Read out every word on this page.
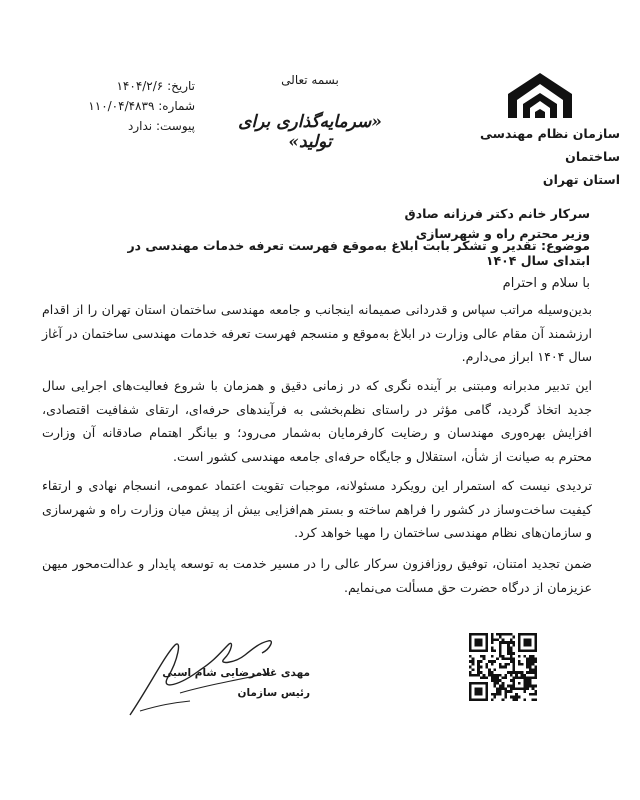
سازمان نظام مهندسی ساختمان
استان تهران
بسمه تعالی
«سرمایه‌گذاری برای تولید»
تاریخ:

۱۴۰۴/۲/۶
شماره:

۱۱۰/۰۴/۴۸۳۹
پیوست:

ندارد
سرکار خانم دکتر فرزانه صادق
وزیر محترم راه و شهرسازی
موضوع: تقدیر و تشکر بابت ابلاغ به‌موقع فهرست تعرفه خدمات مهندسی در ابتدای سال ۱۴۰۴
با سلام و احترام
بدین‌وسیله مراتب سپاس و قدردانی صمیمانه اینجانب و جامعه مهندسی ساختمان استان تهران را از اقدام ارزشمند آن مقام عالی وزارت در ابلاغ به‌موقع و منسجم فهرست تعرفه خدمات مهندسی ساختمان در آغاز سال ۱۴۰۴ ابراز می‌دارم.
این تدبیر مدبرانه ومبتنی بر آینده نگری که در زمانی دقیق و همزمان با شروع فعالیت‌های اجرایی سال جدید اتخاذ گردید، گامی مؤثر در راستای نظم‌بخشی به فرآیندهای حرفه‌ای، ارتقای شفافیت اقتصادی، افزایش بهره‌وری مهندسان و رضایت کارفرمایان به‌شمار می‌رود؛ و بیانگر اهتمام صادقانه آن وزارت محترم به صیانت از شأن، استقلال و جایگاه حرفه‌ای جامعه مهندسی کشور است.
تردیدی نیست که استمرار این رویکرد مسئولانه، موجبات تقویت اعتماد عمومی، انسجام نهادی و ارتقاء کیفیت ساخت‌وساز در کشور را فراهم ساخته و بستر هم‌افزایی بیش از پیش میان وزارت راه و شهرسازی و سازمان‌های نظام مهندسی ساختمان را مهیا خواهد کرد.
ضمن تجدید امتنان، توفیق روزافزون سرکار عالی را در مسیر خدمت به توسعه پایدار و عدالت‌محور میهن عزیزمان از درگاه حضرت حق مسألت می‌نمایم.
مهدی غلامرضایی شام اسبی
رئیس سازمان
